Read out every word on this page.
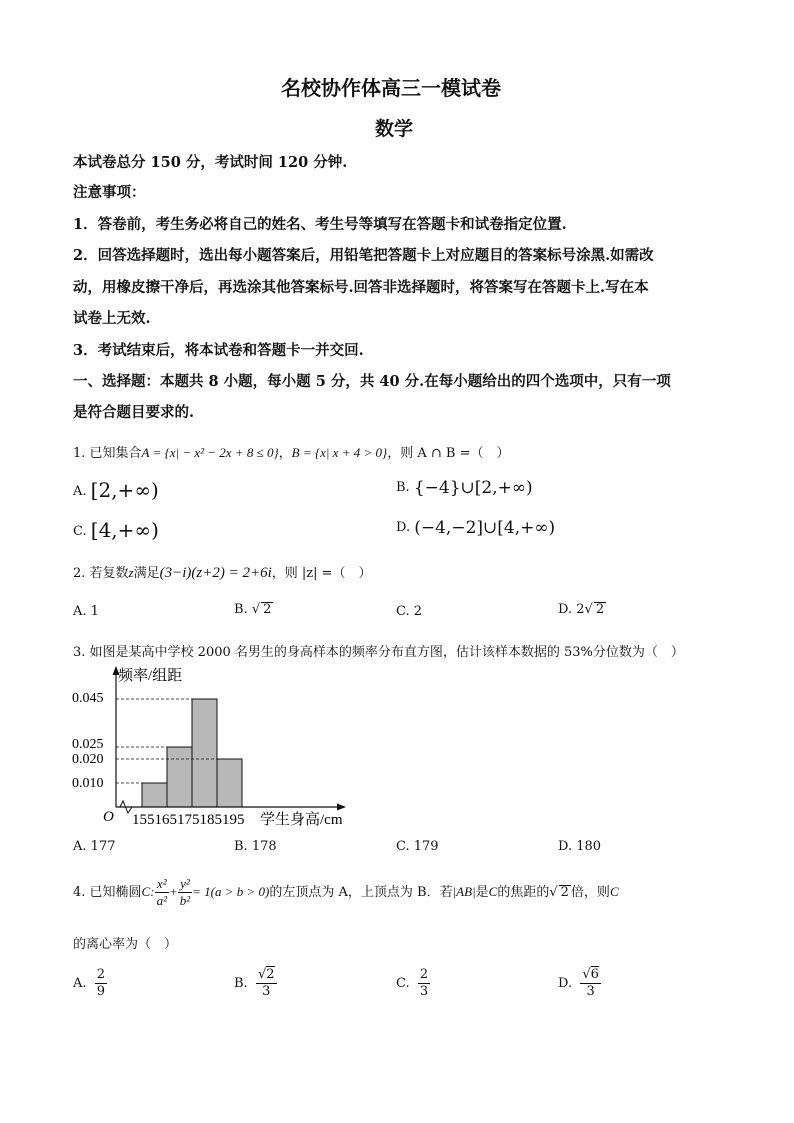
名校协作体高三一模试卷
数学
本试卷总分 150 分，考试时间 120 分钟.
注意事项：
1．答卷前，考生务必将自己的姓名、考生号等填写在答题卡和试卷指定位置.
2．回答选择题时，选出每小题答案后，用铅笔把答题卡上对应题目的答案标号涂黑.如需改
动，用橡皮擦干净后，再选涂其他答案标号.回答非选择题时，将答案写在答题卡上.写在本
试卷上无效.
3．考试结束后，将本试卷和答题卡一并交回.
一、选择题：本题共 8 小题，每小题 5 分，共 40 分.在每小题给出的四个选项中，只有一项
是符合题目要求的.
1. 已知集合A = {x| − x² − 2x + 8 ≤ 0}，B = {x| x + 4 > 0}，则 A ∩ B =（　）
A. [2,+∞)	B. {−4}∪[2,+∞)
C. [4,+∞)	D. (−4,−2]∪[4,+∞)
2. 若复数z满足(3−i)(z+2) = 2+6i，则 |z| =（　）
A. 1	B. √ 2	C. 2	D. 2√ 2
3. 如图是某高中学校 2000 名男生的身高样本的频率分布直方图，估计该样本数据的 53%分位数为（　）
频率/组距
O
0.045
0.025
0.020
0.010
155165175185195 学生身高/cm
A. 177	B. 178	C. 179	D. 180
4. 已知椭圆C: $\frac{\text{x²}}{\text{a²}} + \frac{\text{y²}}{\text{b²}} = 1(a > b > 0)$的左顶点为 A，上顶点为 B．若|AB|是C的焦距的√ 2 倍，则C
的离心率为（　）
A. $\frac{2}{9}$	B. $\frac{√2}{3}$	C. $\frac{2}{3}$	D. $\frac{√6}{3}$
